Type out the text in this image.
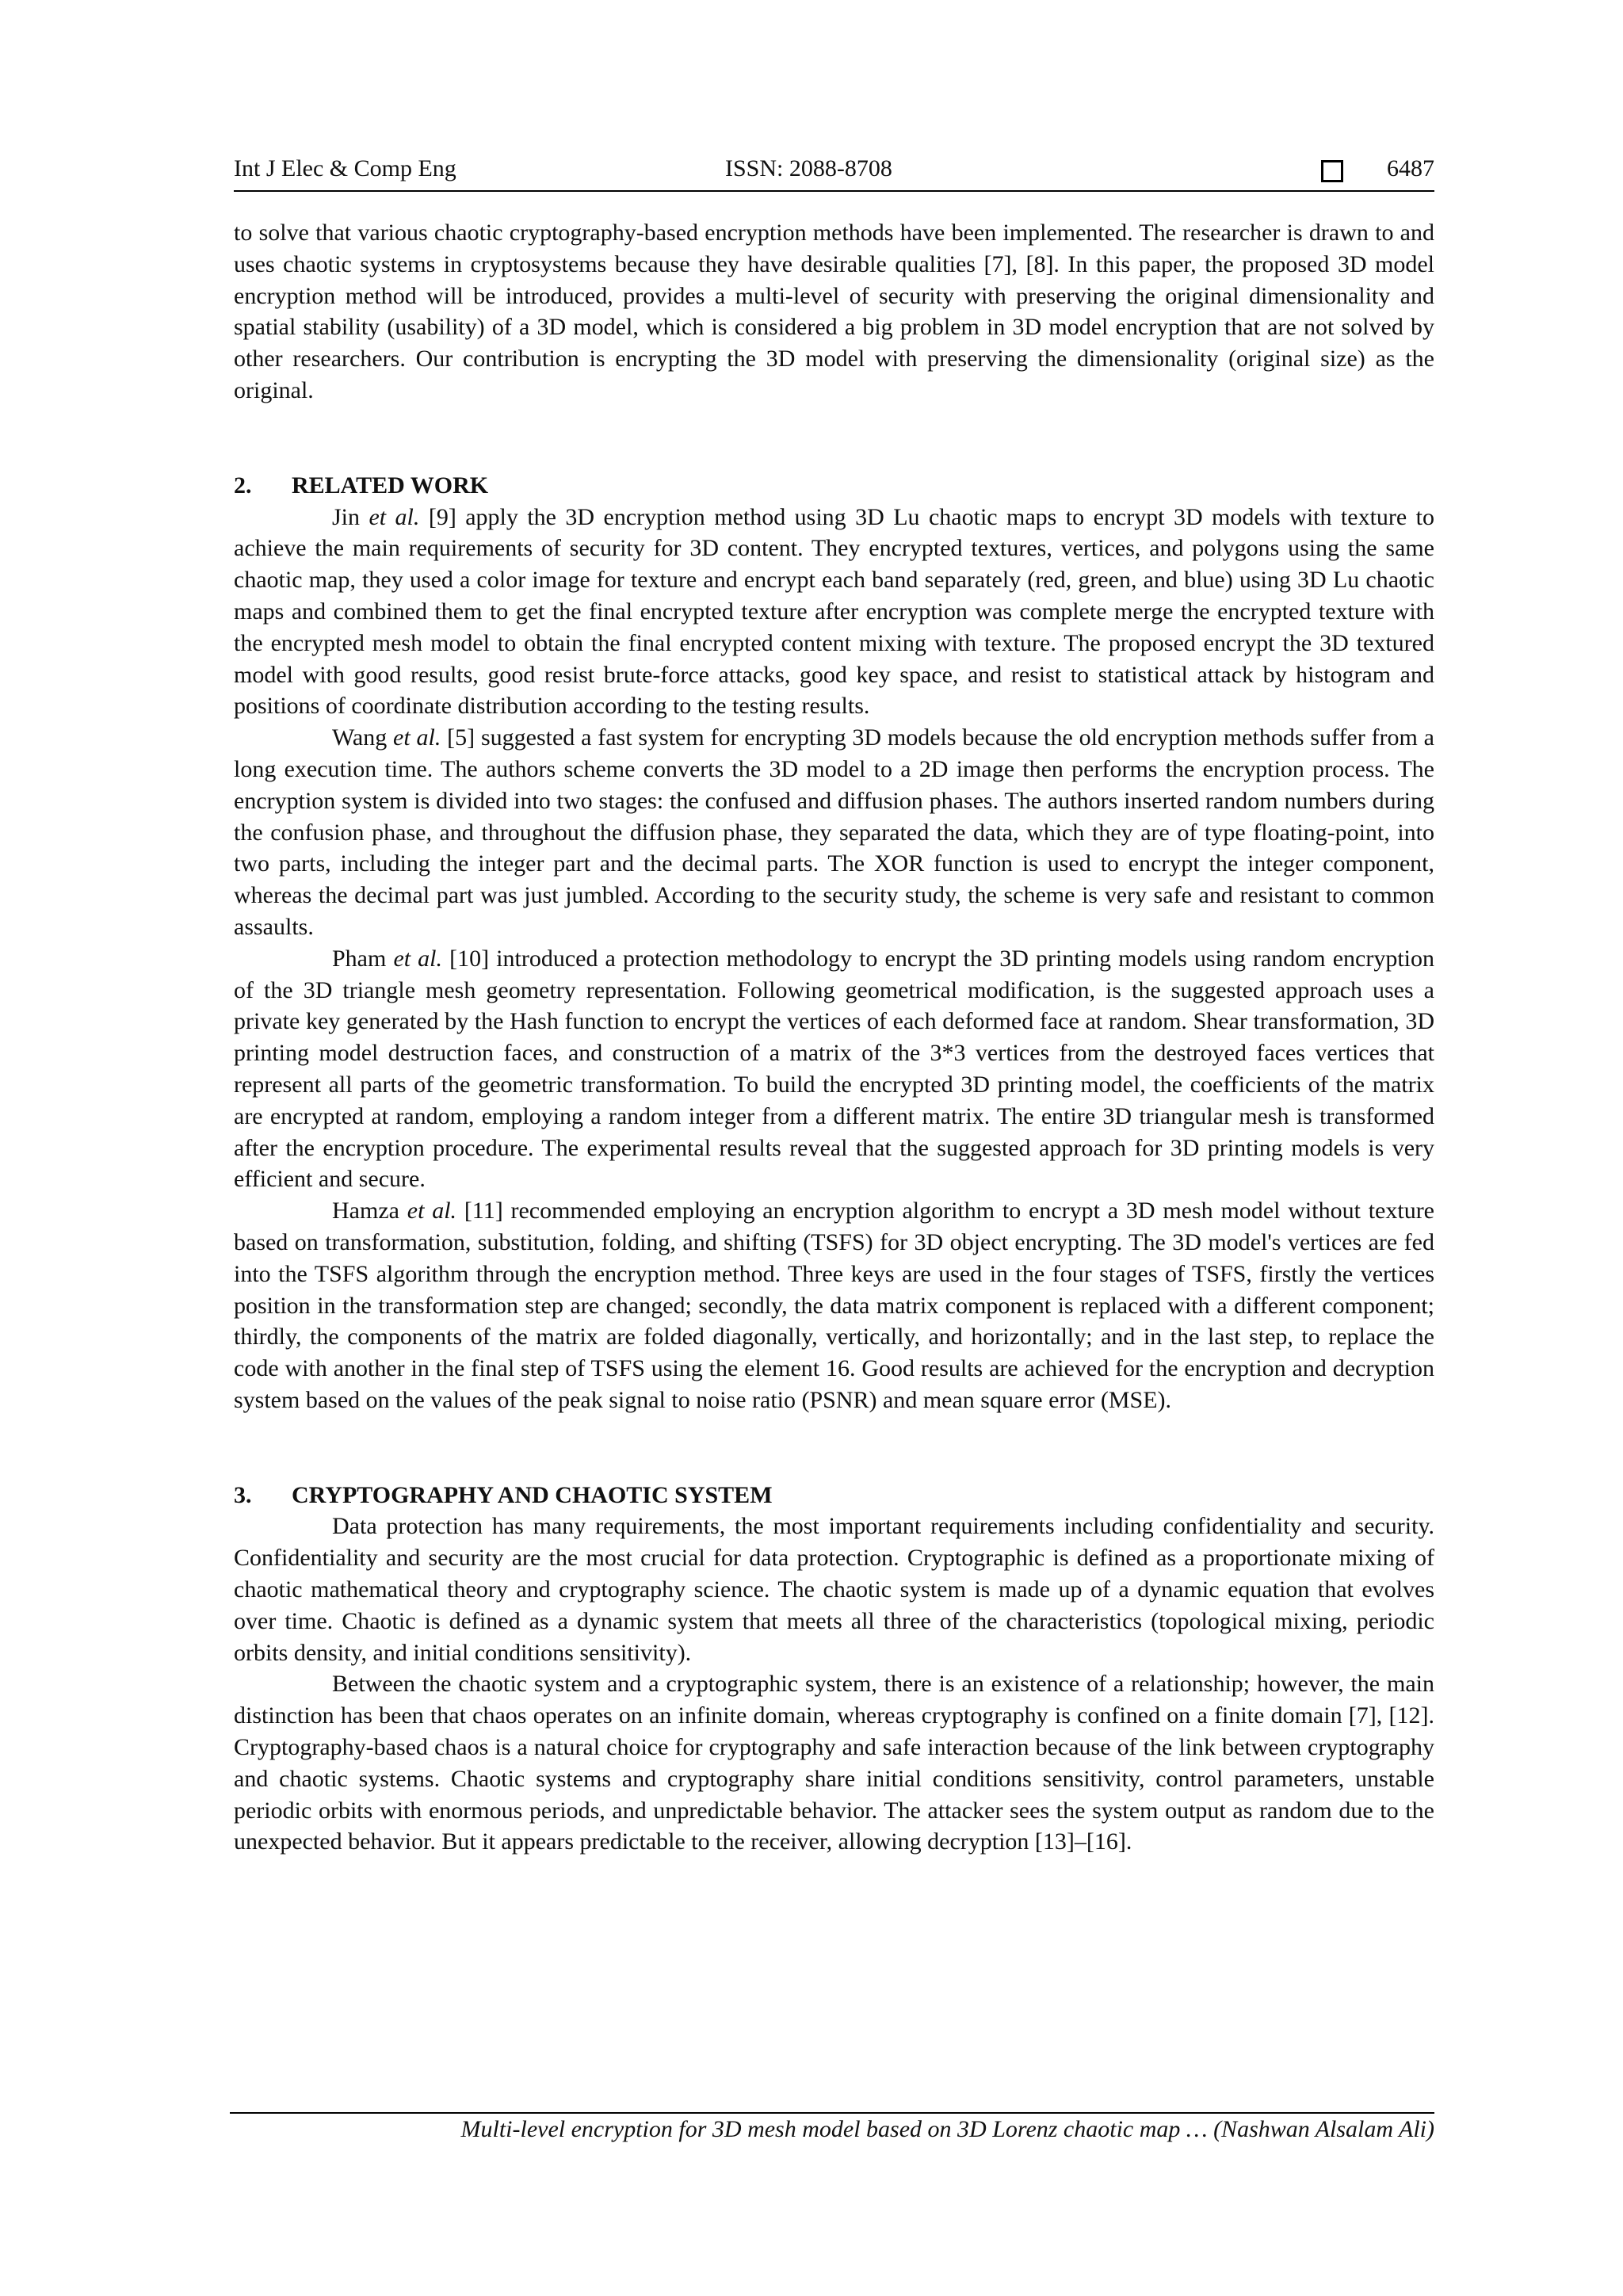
Int J Elec & Comp Eng	ISSN: 2088-8708	6487

to solve that various chaotic cryptography-based encryption methods have been implemented. The researcher is drawn to and uses chaotic systems in cryptosystems because they have desirable qualities [7], [8]. In this paper, the proposed 3D model encryption method will be introduced, provides a multi-level of security with preserving the original dimensionality and spatial stability (usability) of a 3D model, which is considered a big problem in 3D model encryption that are not solved by other researchers. Our contribution is encrypting the 3D model with preserving the dimensionality (original size) as the original.

2. RELATED WORK

Jin et al. [9] apply the 3D encryption method using 3D Lu chaotic maps to encrypt 3D models with texture to achieve the main requirements of security for 3D content. They encrypted textures, vertices, and polygons using the same chaotic map, they used a color image for texture and encrypt each band separately (red, green, and blue) using 3D Lu chaotic maps and combined them to get the final encrypted texture after encryption was complete merge the encrypted texture with the encrypted mesh model to obtain the final encrypted content mixing with texture. The proposed encrypt the 3D textured model with good results, good resist brute-force attacks, good key space, and resist to statistical attack by histogram and positions of coordinate distribution according to the testing results.

Wang et al. [5] suggested a fast system for encrypting 3D models because the old encryption methods suffer from a long execution time. The authors scheme converts the 3D model to a 2D image then performs the encryption process. The encryption system is divided into two stages: the confused and diffusion phases. The authors inserted random numbers during the confusion phase, and throughout the diffusion phase, they separated the data, which they are of type floating-point, into two parts, including the integer part and the decimal parts. The XOR function is used to encrypt the integer component, whereas the decimal part was just jumbled. According to the security study, the scheme is very safe and resistant to common assaults.

Pham et al. [10] introduced a protection methodology to encrypt the 3D printing models using random encryption of the 3D triangle mesh geometry representation. Following geometrical modification, is the suggested approach uses a private key generated by the Hash function to encrypt the vertices of each deformed face at random. Shear transformation, 3D printing model destruction faces, and construction of a matrix of the 3*3 vertices from the destroyed faces vertices that represent all parts of the geometric transformation. To build the encrypted 3D printing model, the coefficients of the matrix are encrypted at random, employing a random integer from a different matrix. The entire 3D triangular mesh is transformed after the encryption procedure. The experimental results reveal that the suggested approach for 3D printing models is very efficient and secure.

Hamza et al. [11] recommended employing an encryption algorithm to encrypt a 3D mesh model without texture based on transformation, substitution, folding, and shifting (TSFS) for 3D object encrypting. The 3D model's vertices are fed into the TSFS algorithm through the encryption method. Three keys are used in the four stages of TSFS, firstly the vertices position in the transformation step are changed; secondly, the data matrix component is replaced with a different component; thirdly, the components of the matrix are folded diagonally, vertically, and horizontally; and in the last step, to replace the code with another in the final step of TSFS using the element 16. Good results are achieved for the encryption and decryption system based on the values of the peak signal to noise ratio (PSNR) and mean square error (MSE).

3. CRYPTOGRAPHY AND CHAOTIC SYSTEM

Data protection has many requirements, the most important requirements including confidentiality and security. Confidentiality and security are the most crucial for data protection. Cryptographic is defined as a proportionate mixing of chaotic mathematical theory and cryptography science. The chaotic system is made up of a dynamic equation that evolves over time. Chaotic is defined as a dynamic system that meets all three of the characteristics (topological mixing, periodic orbits density, and initial conditions sensitivity).

Between the chaotic system and a cryptographic system, there is an existence of a relationship; however, the main distinction has been that chaos operates on an infinite domain, whereas cryptography is confined on a finite domain [7], [12]. Cryptography-based chaos is a natural choice for cryptography and safe interaction because of the link between cryptography and chaotic systems. Chaotic systems and cryptography share initial conditions sensitivity, control parameters, unstable periodic orbits with enormous periods, and unpredictable behavior. The attacker sees the system output as random due to the unexpected behavior. But it appears predictable to the receiver, allowing decryption [13]–[16].

Multi-level encryption for 3D mesh model based on 3D Lorenz chaotic map … (Nashwan Alsalam Ali)
